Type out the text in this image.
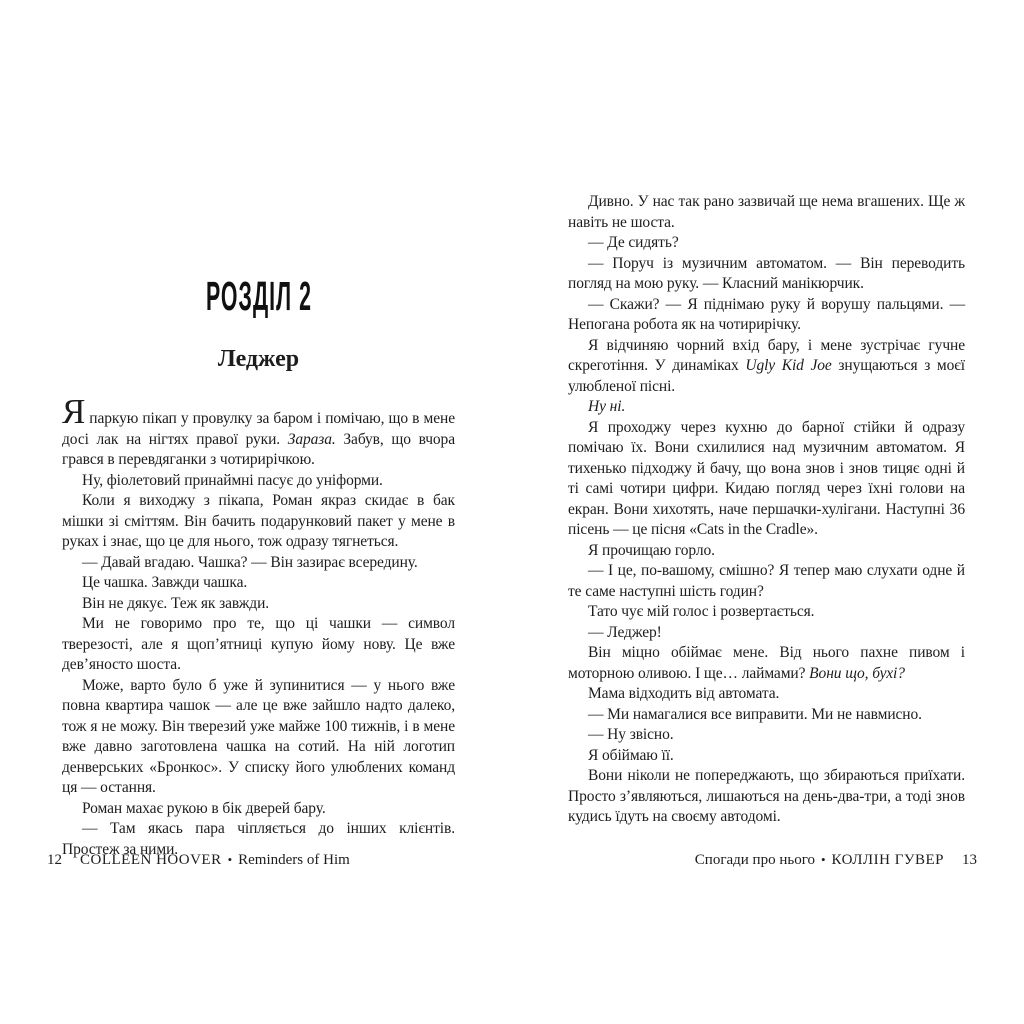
РОЗДІЛ 2
Леджер

Япаркую пікап у провулку за баром і помічаю, що в мене досі лак на нігтях правої руки. Зараза. Забув, що вчора грався в перевдяганки з чотирирічкою.

Ну, фіолетовий принаймні пасує до уніформи.

Коли я виходжу з пікапа, Роман якраз скидає в бак мішки зі сміттям. Він бачить подарунковий пакет у мене в руках і знає, що це для нього, тож одразу тягнеться.

— Давай вгадаю. Чашка? — Він зазирає всередину.

Це чашка. Завжди чашка.

Він не дякує. Теж як завжди.

Ми не говоримо про те, що ці чашки — символ тверезості, але я щоп’ятниці купую йому нову. Це вже дев’яносто шоста.

Може, варто було б уже й зупинитися — у нього вже повна квартира чашок — але це вже зайшло надто далеко, тож я не можу. Він тверезий уже майже 100 тижнів, і в мене вже давно заготовлена чашка на сотий. На ній логотип денверських «Бронкос». У списку його улюблених команд ця — остання.

Роман махає рукою в бік дверей бару.

— Там якась пара чіпляється до інших клієнтів. Простеж за ними.

12 COLLEEN HOOVER • Reminders of Him

Дивно. У нас так рано зазвичай ще нема вгашених. Ще ж навіть не шоста.

— Де сидять?

— Поруч із музичним автоматом. — Він переводить погляд на мою руку. — Класний манікюрчик.

— Скажи? — Я піднімаю руку й ворушу пальцями. — Непогана робота як на чотирирічку.

Я відчиняю чорний вхід бару, і мене зустрічає гучне скреготіння. У динаміках Ugly Kid Joe знущаються з моєї улюбленої пісні.

Ну ні.

Я проходжу через кухню до барної стійки й одразу помічаю їх. Вони схилилися над музичним автоматом. Я тихенько підходжу й бачу, що вона знов і знов тицяє одні й ті самі чотири цифри. Кидаю погляд через їхні голови на екран. Вони хихотять, наче першачки-хулігани. Наступні 36 пісень — це пісня «Cats in the Cradle».

Я прочищаю горло.

— І це, по-вашому, смішно? Я тепер маю слухати одне й те саме наступні шість годин?

Тато чує мій голос і розвертається.

— Леджер!

Він міцно обіймає мене. Від нього пахне пивом і моторною оливою. І ще… лаймами? Вони що, бухі?

Мама відходить від автомата.

— Ми намагалися все виправити. Ми не навмисно.

— Ну звісно.

Я обіймаю її.

Вони ніколи не попереджають, що збираються приїхати. Просто з’являються, лишаються на день-два-три, а тоді знов кудись їдуть на своєму автодомі.

Спогади про нього • КОЛЛІН ГУВЕР 13
